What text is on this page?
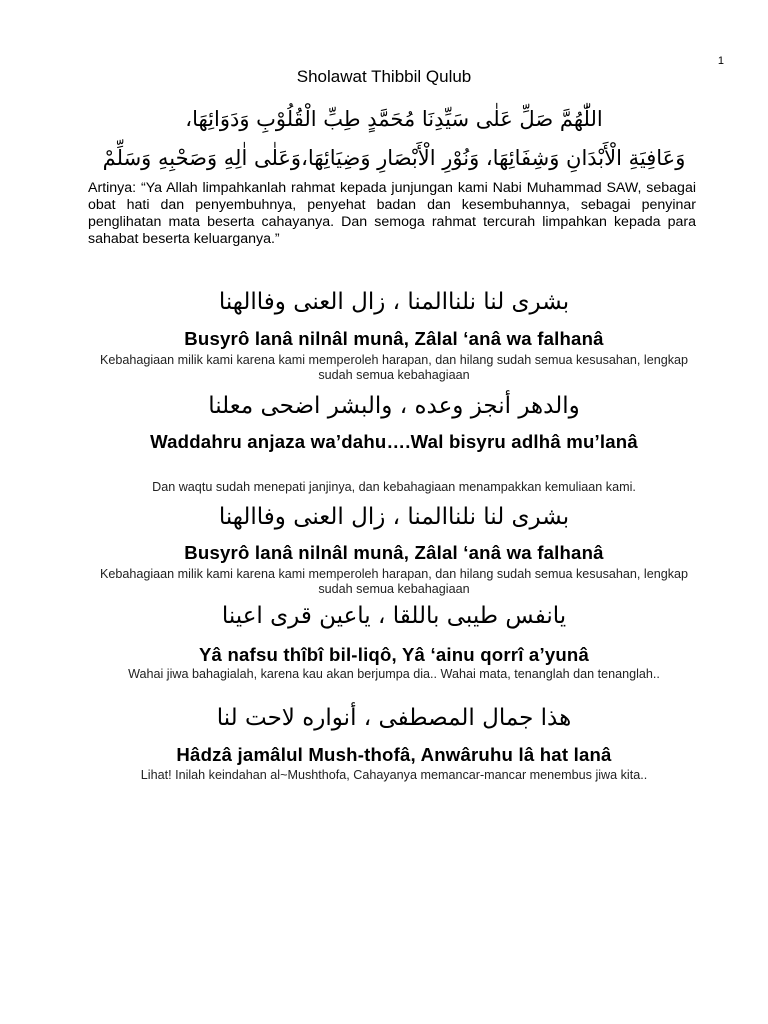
1
Sholawat Thibbil Qulub
اللّٰهُمَّ صَلِّ عَلٰى سَيِّدِنَا مُحَمَّدٍ طِبِّ الْقُلُوْبِ وَدَوَائِهَا،
وَعَافِيَةِ الْأَبْدَانِ وَشِفَائِهَا، وَنُوْرِ الْأَبْصَارِ وَضِيَائِهَا،وَعَلٰى اٰلِهِ وَصَحْبِهِ وَسَلِّمْ

Artinya: “Ya Allah limpahkanlah rahmat kepada junjungan kami Nabi Muhammad SAW, sebagai obat hati dan penyembuhnya, penyehat badan dan kesembuhannya, sebagai penyinar penglihatan mata beserta cahayanya. Dan semoga rahmat tercurah limpahkan kepada para sahabat beserta keluarganya.”

بشرى لنا نلناالمنا ، زال العنى وفاالهنا
Busyrô lanâ nilnâl munâ, Zâlal ‘anâ wa falhanâ
Kebahagiaan milik kami karena kami memperoleh harapan, dan hilang sudah semua kesusahan, lengkap sudah semua kebahagiaan
والدهر أنجز وعده ، والبشر اضحى معلنا
Waddahru anjaza wa’dahu….Wal bisyru adlhâ mu’lanâ
Dan waqtu sudah menepati janjinya, dan kebahagiaan menampakkan kemuliaan kami.
بشرى لنا نلناالمنا ، زال العنى وفاالهنا
Busyrô lanâ nilnâl munâ, Zâlal ‘anâ wa falhanâ
Kebahagiaan milik kami karena kami memperoleh harapan, dan hilang sudah semua kesusahan, lengkap sudah semua kebahagiaan
يانفس طيبى باللقا ، ياعين قرى اعينا
Yâ nafsu thîbî bil-liqô, Yâ ‘ainu qorrî a’yunâ
Wahai jiwa bahagialah, karena kau akan berjumpa dia.. Wahai mata, tenanglah dan tenanglah..
هذا جمال المصطفى ، أنواره لاحت لنا
Hâdzâ jamâlul Mush-thofâ, Anwâruhu lâ hat lanâ
Lihat! Inilah keindahan al~Mushthofa, Cahayanya memancar-mancar menembus jiwa kita..
